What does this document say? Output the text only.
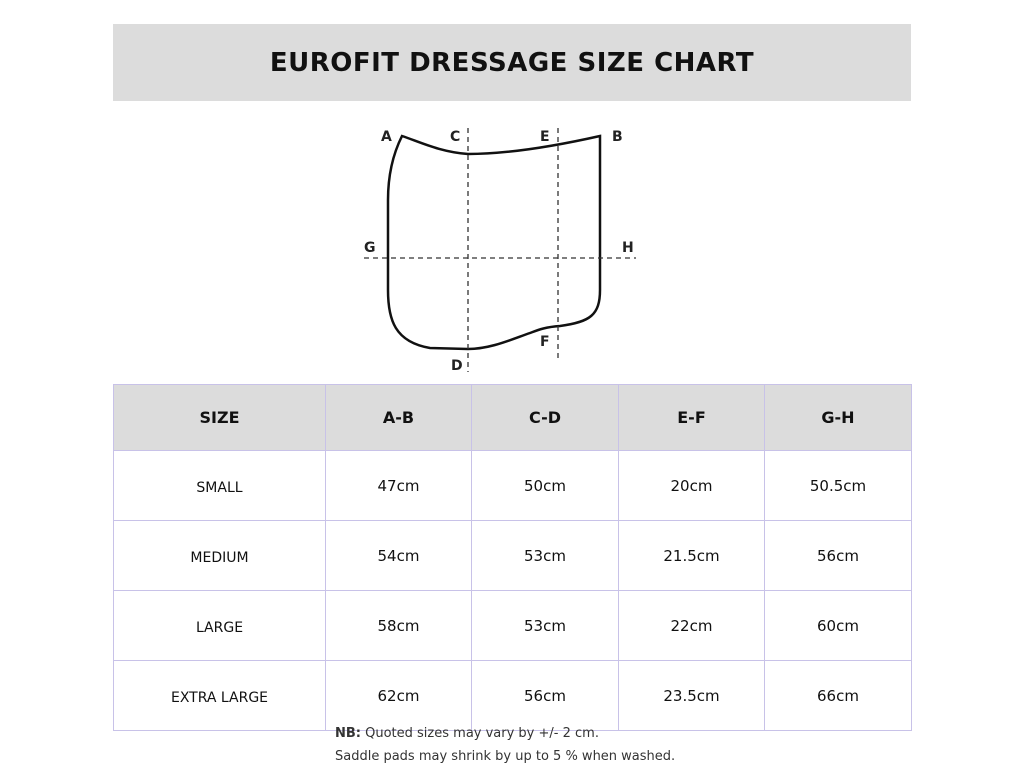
EUROFIT DRESSAGE SIZE CHART
A	C	E	B
G	H
F
D
SIZE	A-B	C-D	E-F	G-H
SMALL	47cm	50cm	20cm	50.5cm
MEDIUM	54cm	53cm	21.5cm	56cm
LARGE	58cm	53cm	22cm	60cm
EXTRA LARGE	62cm	56cm	23.5cm	66cm
NB: Quoted sizes may vary by +/- 2 cm.
Saddle pads may shrink by up to 5 % when washed.
